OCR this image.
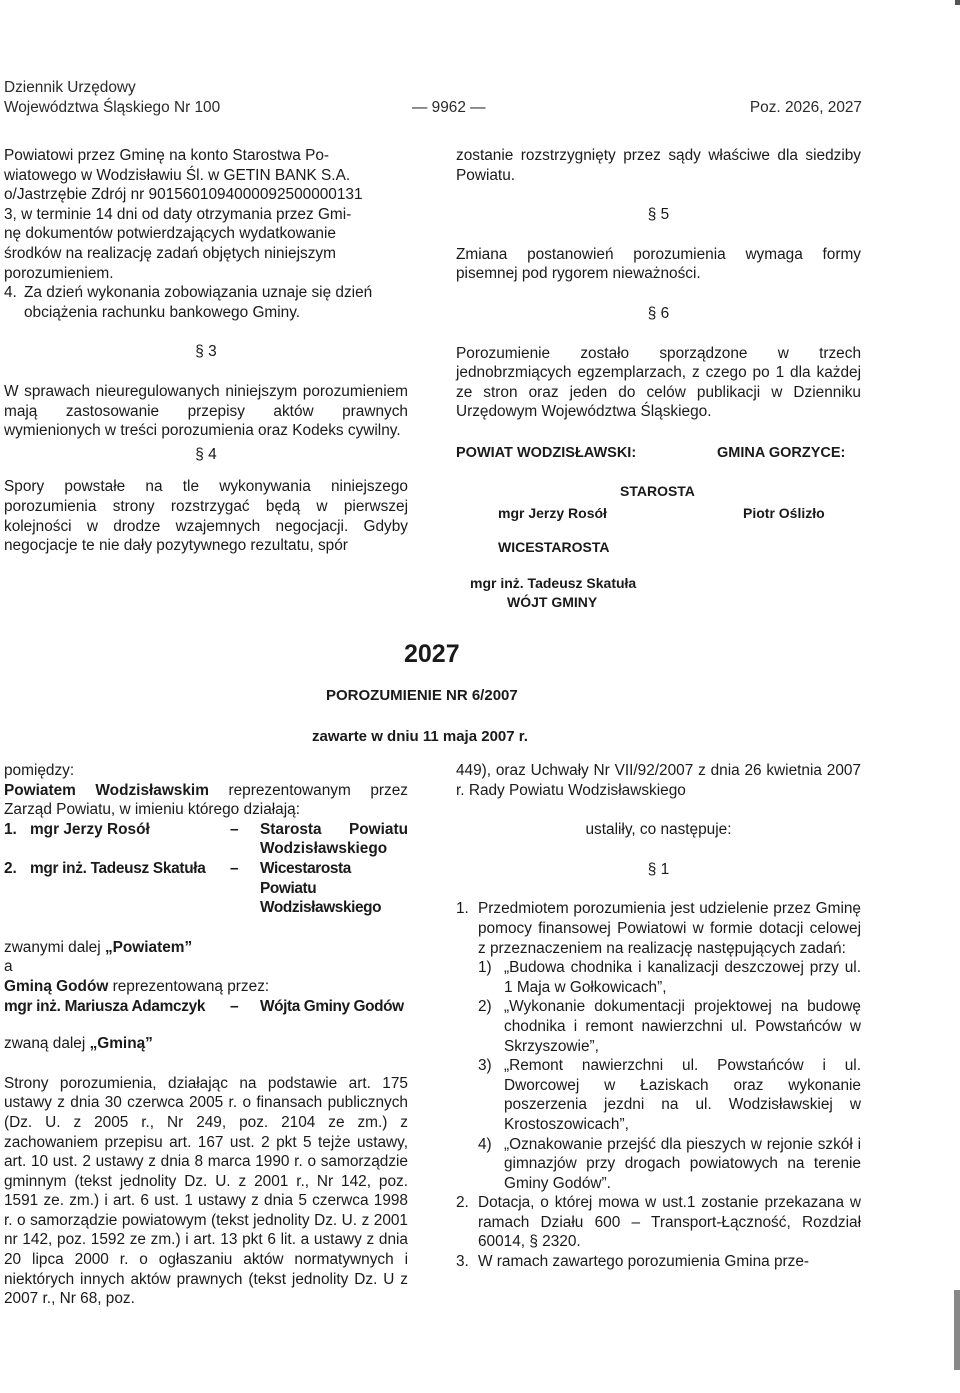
Dziennik Urzędowy
Województwa Śląskiego Nr 100	— 9962 —	Poz. 2026, 2027
Powiatowi przez Gminę na konto Starostwa Po-
wiatowego w Wodzisławiu Śl. w GETIN BANK S.A.
o/Jastrzębie Zdrój nr 9015601094000092500000131
3, w terminie 14 dni od daty otrzymania przez Gmi-
nę dokumentów potwierdzających wydatkowanie
środków na realizację zadań objętych niniejszym
porozumieniem.
4. Za dzień wykonania zobowiązania uznaje się dzień
obciążenia rachunku bankowego Gminy.
§ 3

W sprawach nieuregulowanych niniejszym porozumieniem mają zastosowanie przepisy aktów prawnych wymienionych w treści porozumienia oraz Kodeks cywilny.

§ 4

Spory powstałe na tle wykonywania niniejszego porozumienia strony rozstrzygać będą w pierwszej kolejności w drodze wzajemnych negocjacji. Gdyby negocjacje te nie dały pozytywnego rezultatu, spór

zostanie rozstrzygnięty przez sądy właściwe dla siedziby Powiatu.

§ 5

Zmiana postanowień porozumienia wymaga formy pisemnej pod rygorem nieważności.

§ 6

Porozumienie zostało sporządzone w trzech jednobrzmiących egzemplarzach, z czego po 1 dla każdej ze stron oraz jeden do celów publikacji w Dzienniku Urzędowym Województwa Śląskiego.

POWIAT WODZISŁAWSKI:	GMINA GORZYCE:
STAROSTA
mgr Jerzy Rosół	Piotr Oślizło
WICESTAROSTA
mgr inż. Tadeusz Skatuła
WÓJT GMINY
2027
POROZUMIENIE NR 6/2007
zawarte w dniu 11 maja 2007 r.
pomiędzy:

Powiatem Wodzisławskim reprezentowanym przez Zarząd Powiatu, w imieniu którego działają:

1. mgr Jerzy Rosół	–	Starosta Powiatu Wodzisławskiego
2. mgr inż. Tadeusz Skatuła	–	Wicestarosta Powiatu Wodzisławskiego

zwanymi dalej „Powiatem”

a

Gminą Godów reprezentowaną przez:

mgr inż. Mariusza Adamczyk	–	Wójta Gminy Godów

zwaną dalej „Gminą”

Strony porozumienia, działając na podstawie art. 175 ustawy z dnia 30 czerwca 2005 r. o finansach publicznych (Dz. U. z 2005 r., Nr 249, poz. 2104 ze zm.) z zachowaniem przepisu art. 167 ust. 2 pkt 5 tejże ustawy, art. 10 ust. 2 ustawy z dnia 8 marca 1990 r. o samorządzie gminnym (tekst jednolity Dz. U. z 2001 r., Nr 142, poz. 1591 ze. zm.) i art. 6 ust. 1 ustawy z dnia 5 czerwca 1998 r. o samorządzie powiatowym (tekst jednolity Dz. U. z 2001 nr 142, poz. 1592 ze zm.) i art. 13 pkt 6 lit. a ustawy z dnia 20 lipca 2000 r. o ogłaszaniu aktów normatywnych i niektórych innych aktów prawnych (tekst jednolity Dz. U z 2007 r., Nr 68, poz.

449), oraz Uchwały Nr VII/92/2007 z dnia 26 kwietnia 2007 r. Rady Powiatu Wodzisławskiego

ustaliły, co następuje:
§ 1
1. Przedmiotem porozumienia jest udzielenie przez Gminę pomocy finansowej Powiatowi w formie dotacji celowej z przeznaczeniem na realizację następujących zadań:
1) „Budowa chodnika i kanalizacji deszczowej przy ul. 1 Maja w Gołkowicach”,
2) „Wykonanie dokumentacji projektowej na budowę chodnika i remont nawierzchni ul. Powstańców w Skrzyszowie”,
3) „Remont nawierzchni ul. Powstańców i ul. Dworcowej w Łaziskach oraz wykonanie poszerzenia jezdni na ul. Wodzisławskiej w Krostoszowicach”,
4) „Oznakowanie przejść dla pieszych w rejonie szkół i gimnazjów przy drogach powiatowych na terenie Gminy Godów”.
2. Dotacja, o której mowa w ust.1 zostanie przekazana w ramach Działu 600 – Transport-Łączność, Rozdział 60014, § 2320.
3. W ramach zawartego porozumienia Gmina prze-
